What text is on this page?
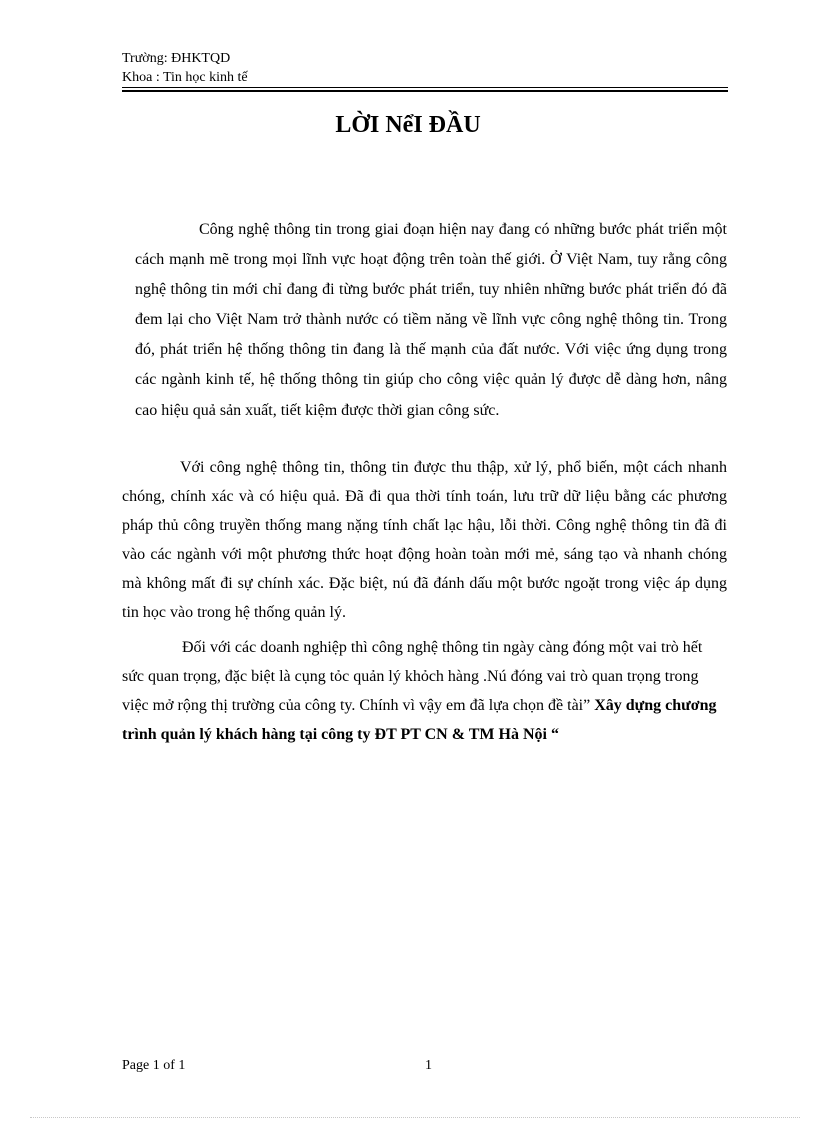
Trường: ĐHKTQD
Khoa : Tin học kinh tế
LỜI NểI ĐẦU
Công nghệ thông tin trong giai đoạn hiện nay đang có những bước phát triển một cách mạnh mẽ trong mọi lĩnh vực hoạt động trên toàn thế giới. Ở Việt Nam, tuy rằng công nghệ thông tin mới chỉ đang đi từng bước phát triển, tuy nhiên những bước phát triển đó đã đem lại cho Việt Nam trở thành nước có tiềm năng về lĩnh vực công nghệ thông tin. Trong đó, phát triển hệ thống thông tin đang là thế mạnh của đất nước. Với việc ứng dụng trong các ngành kinh tế, hệ thống thông tin giúp cho công việc quản lý được dễ dàng hơn, nâng cao hiệu quả sản xuất, tiết kiệm được thời gian công sức.
Với công nghệ thông tin, thông tin được thu thập, xử lý, phổ biến, một cách nhanh chóng, chính xác và có hiệu quả. Đã đi qua thời tính toán, lưu trữ dữ liệu bằng các phương pháp thủ công truyền thống mang nặng tính chất lạc hậu, lỗi thời. Công nghệ thông tin đã đi vào các ngành với một phương thức hoạt động hoàn toàn mới mẻ, sáng tạo và nhanh chóng mà không mất đi sự chính xác. Đặc biệt, nú đã đánh dấu một bước ngoặt trong việc áp dụng tin học vào trong hệ thống quản lý.
Đối với các doanh nghiệp thì công nghệ thông tin ngày càng đóng một vai trò hết sức quan trọng, đặc biệt là cụng tỏc quản lý khỏch hàng .Nú đóng vai trò quan trọng trong việc mở rộng thị trường của công ty. Chính vì vậy em đã lựa chọn đề tài” Xây dựng chương trình quản lý khách hàng tại công ty ĐT PT CN & TM Hà Nội “
Page 1 of 1	1
